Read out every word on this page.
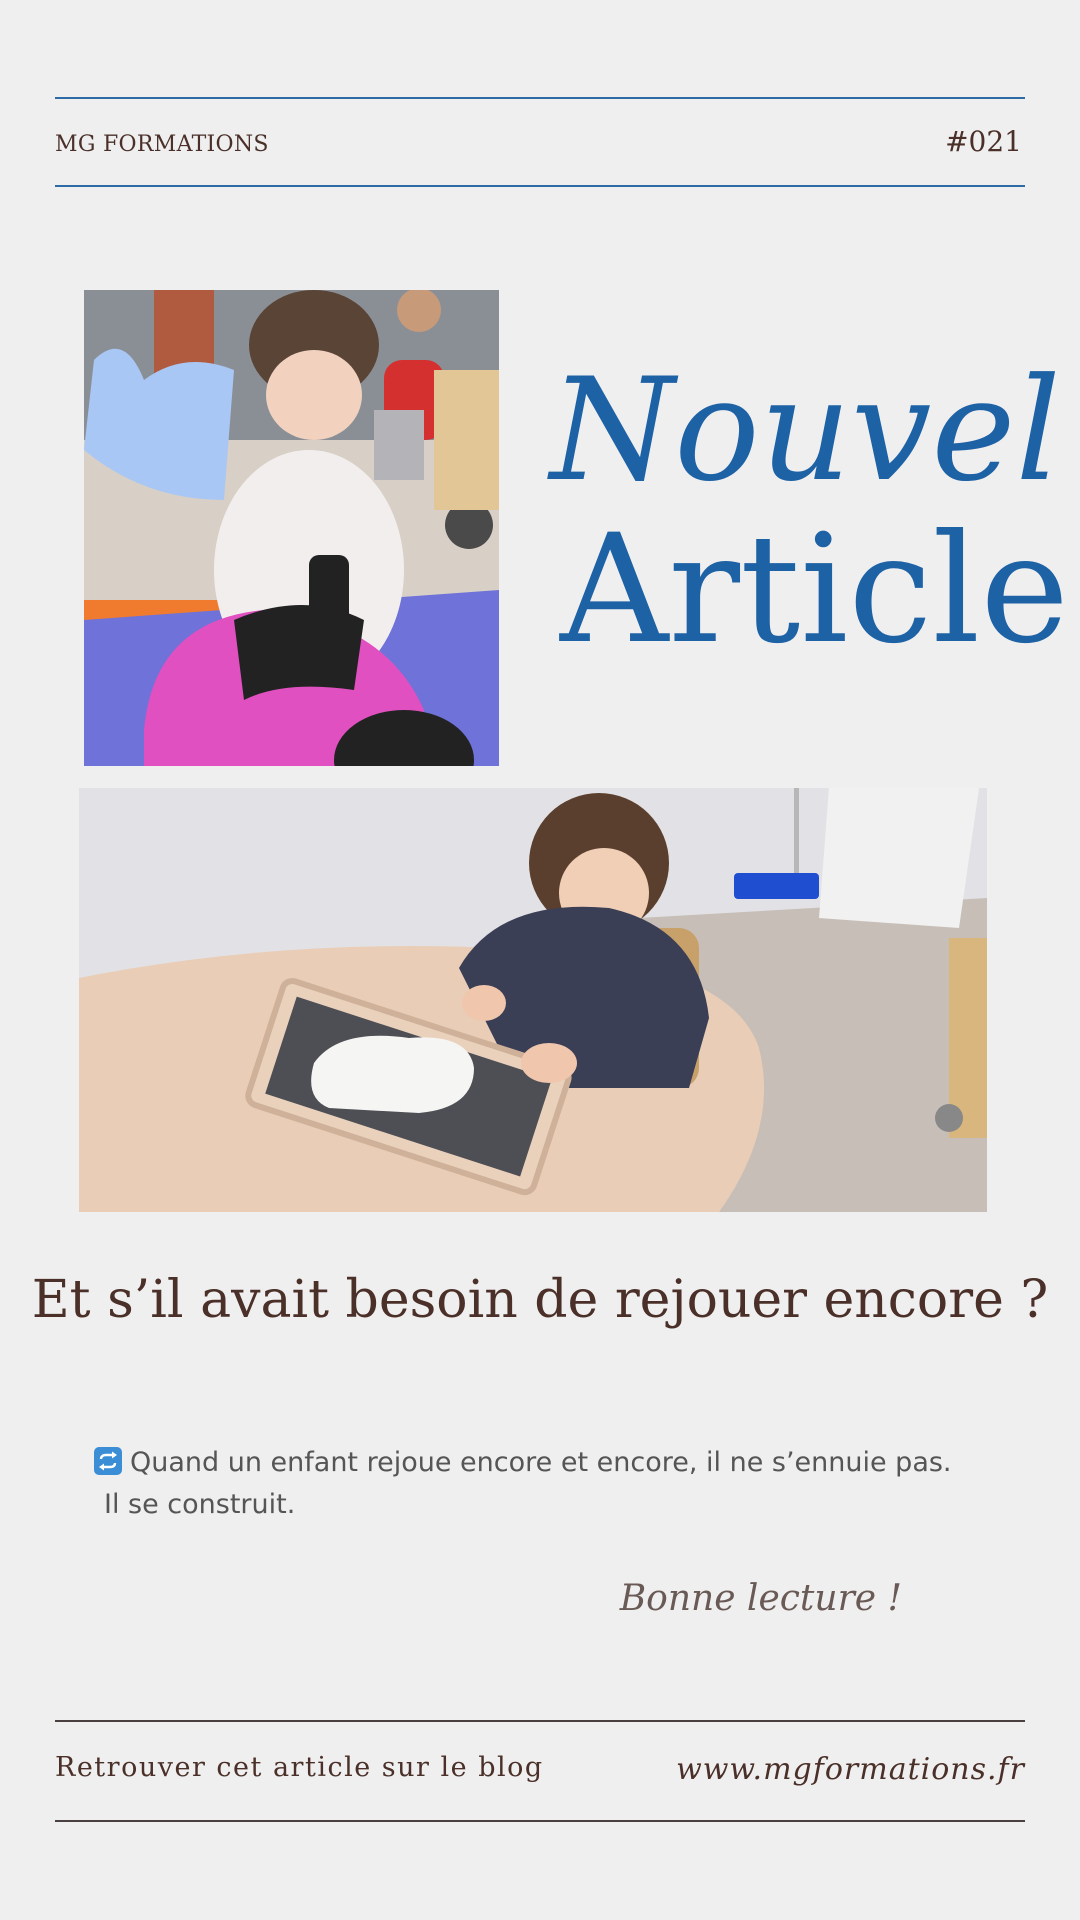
MG FORMATIONS	#021
Nouvel
Article
Et s’il avait besoin de rejouer encore ?
Quand un enfant rejoue encore et encore, il ne s’ennuie pas.
Il se construit.
Bonne lecture !
Retrouver cet article sur le blog	www.mgformations.fr
